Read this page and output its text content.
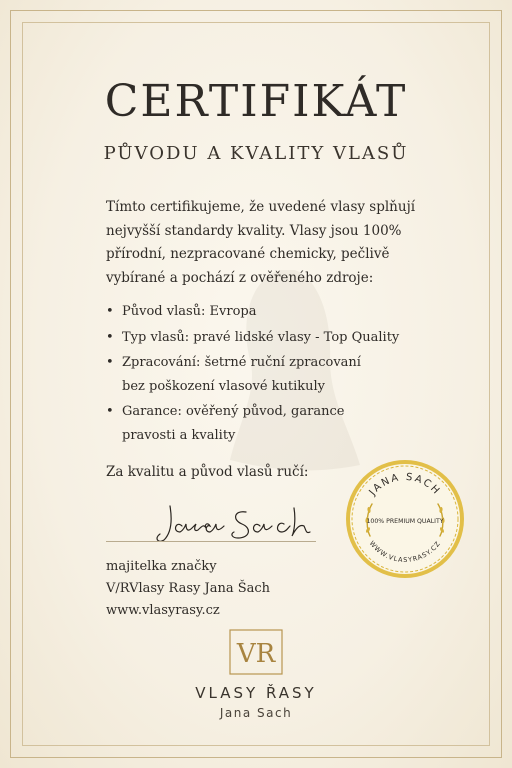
CERTIFIKÁT
PŮVODU A KVALITY VLASŮ
Tímto certifikujeme, že uvedené vlasy splňují
nejvyšší standardy kvality. Vlasy jsou 100%
přírodní, nezpracované chemicky, pečlivě
vybírané a pochází z ověřeného zdroje:
• Původ vlasů: Evropa
• Typ vlasů: pravé lidské vlasy - Top Quality
• Zpracování: šetrné ruční zpracovaní
bez poškození vlasové kutikuly
• Garance: ověřený původ, garance
pravosti a kvality
Za kvalitu a původ vlasů ručí:
majitelka značky
V/RVlasy Rasy Jana Šach
www.vlasyrasy.cz
JANA SACH
100% PREMIUM QUALITY
WWW.VLASYRASY.CZ
VR
VLASY ŘASY
Jana Sach
